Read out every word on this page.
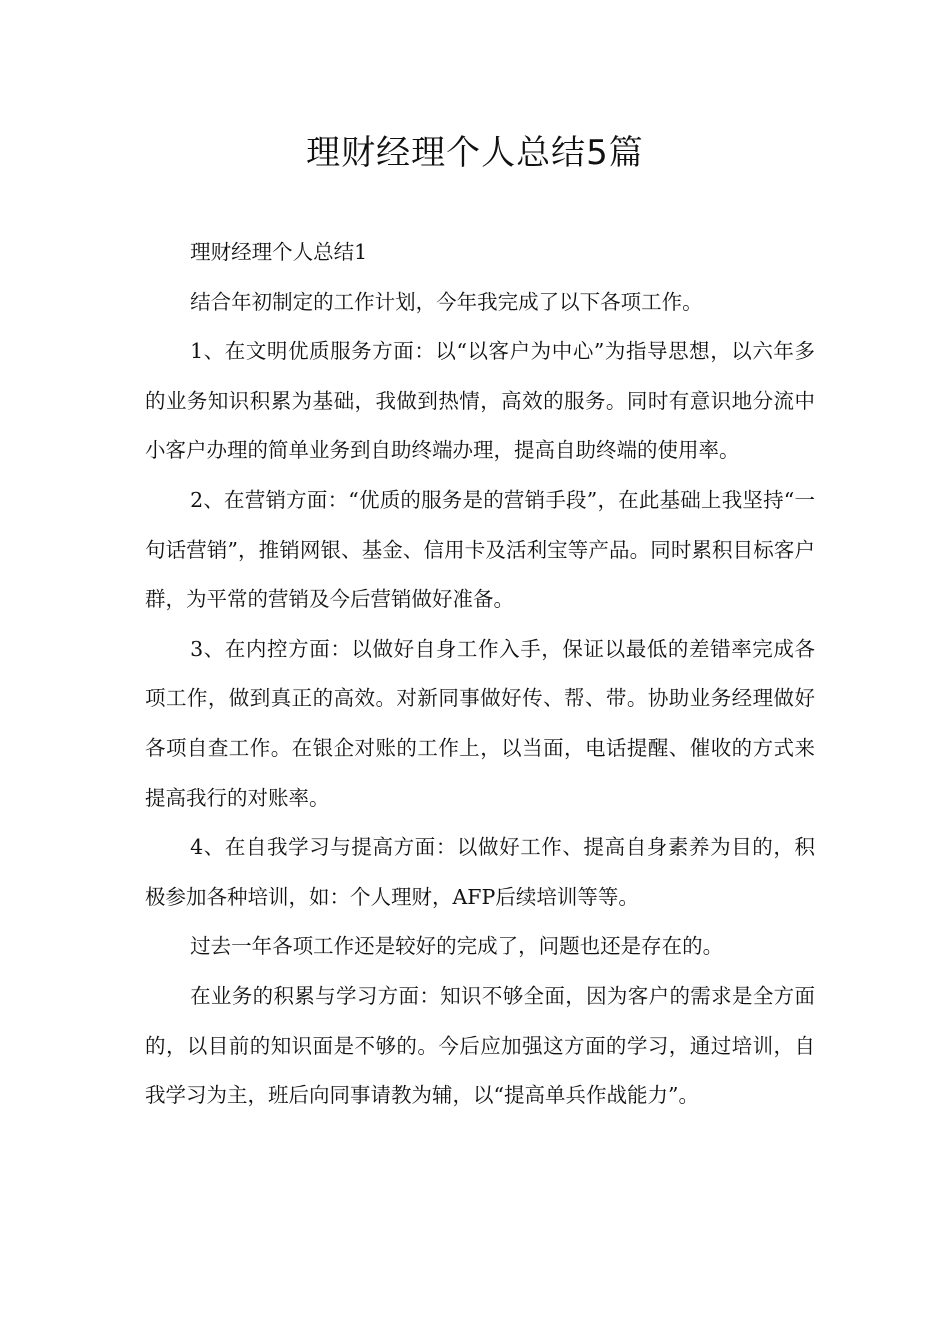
理财经理个人总结5篇

理财经理个人总结1

结合年初制定的工作计划，今年我完成了以下各项工作。

1、在文明优质服务方面：以“以客户为中心”为指导思想，以六年多的业务知识积累为基础，我做到热情，高效的服务。同时有意识地分流中小客户办理的简单业务到自助终端办理，提高自助终端的使用率。

2、在营销方面：“优质的服务是的营销手段”，在此基础上我坚持“一句话营销”，推销网银、基金、信用卡及活利宝等产品。同时累积目标客户群，为平常的营销及今后营销做好准备。

3、在内控方面：以做好自身工作入手，保证以最低的差错率完成各项工作，做到真正的高效。对新同事做好传、帮、带。协助业务经理做好各项自查工作。在银企对账的工作上，以当面，电话提醒、催收的方式来提高我行的对账率。

4、在自我学习与提高方面：以做好工作、提高自身素养为目的，积极参加各种培训，如：个人理财，AFP后续培训等等。

过去一年各项工作还是较好的完成了，问题也还是存在的。

在业务的积累与学习方面：知识不够全面，因为客户的需求是全方面的，以目前的知识面是不够的。今后应加强这方面的学习，通过培训，自我学习为主，班后向同事请教为辅，以“提高单兵作战能力”。
